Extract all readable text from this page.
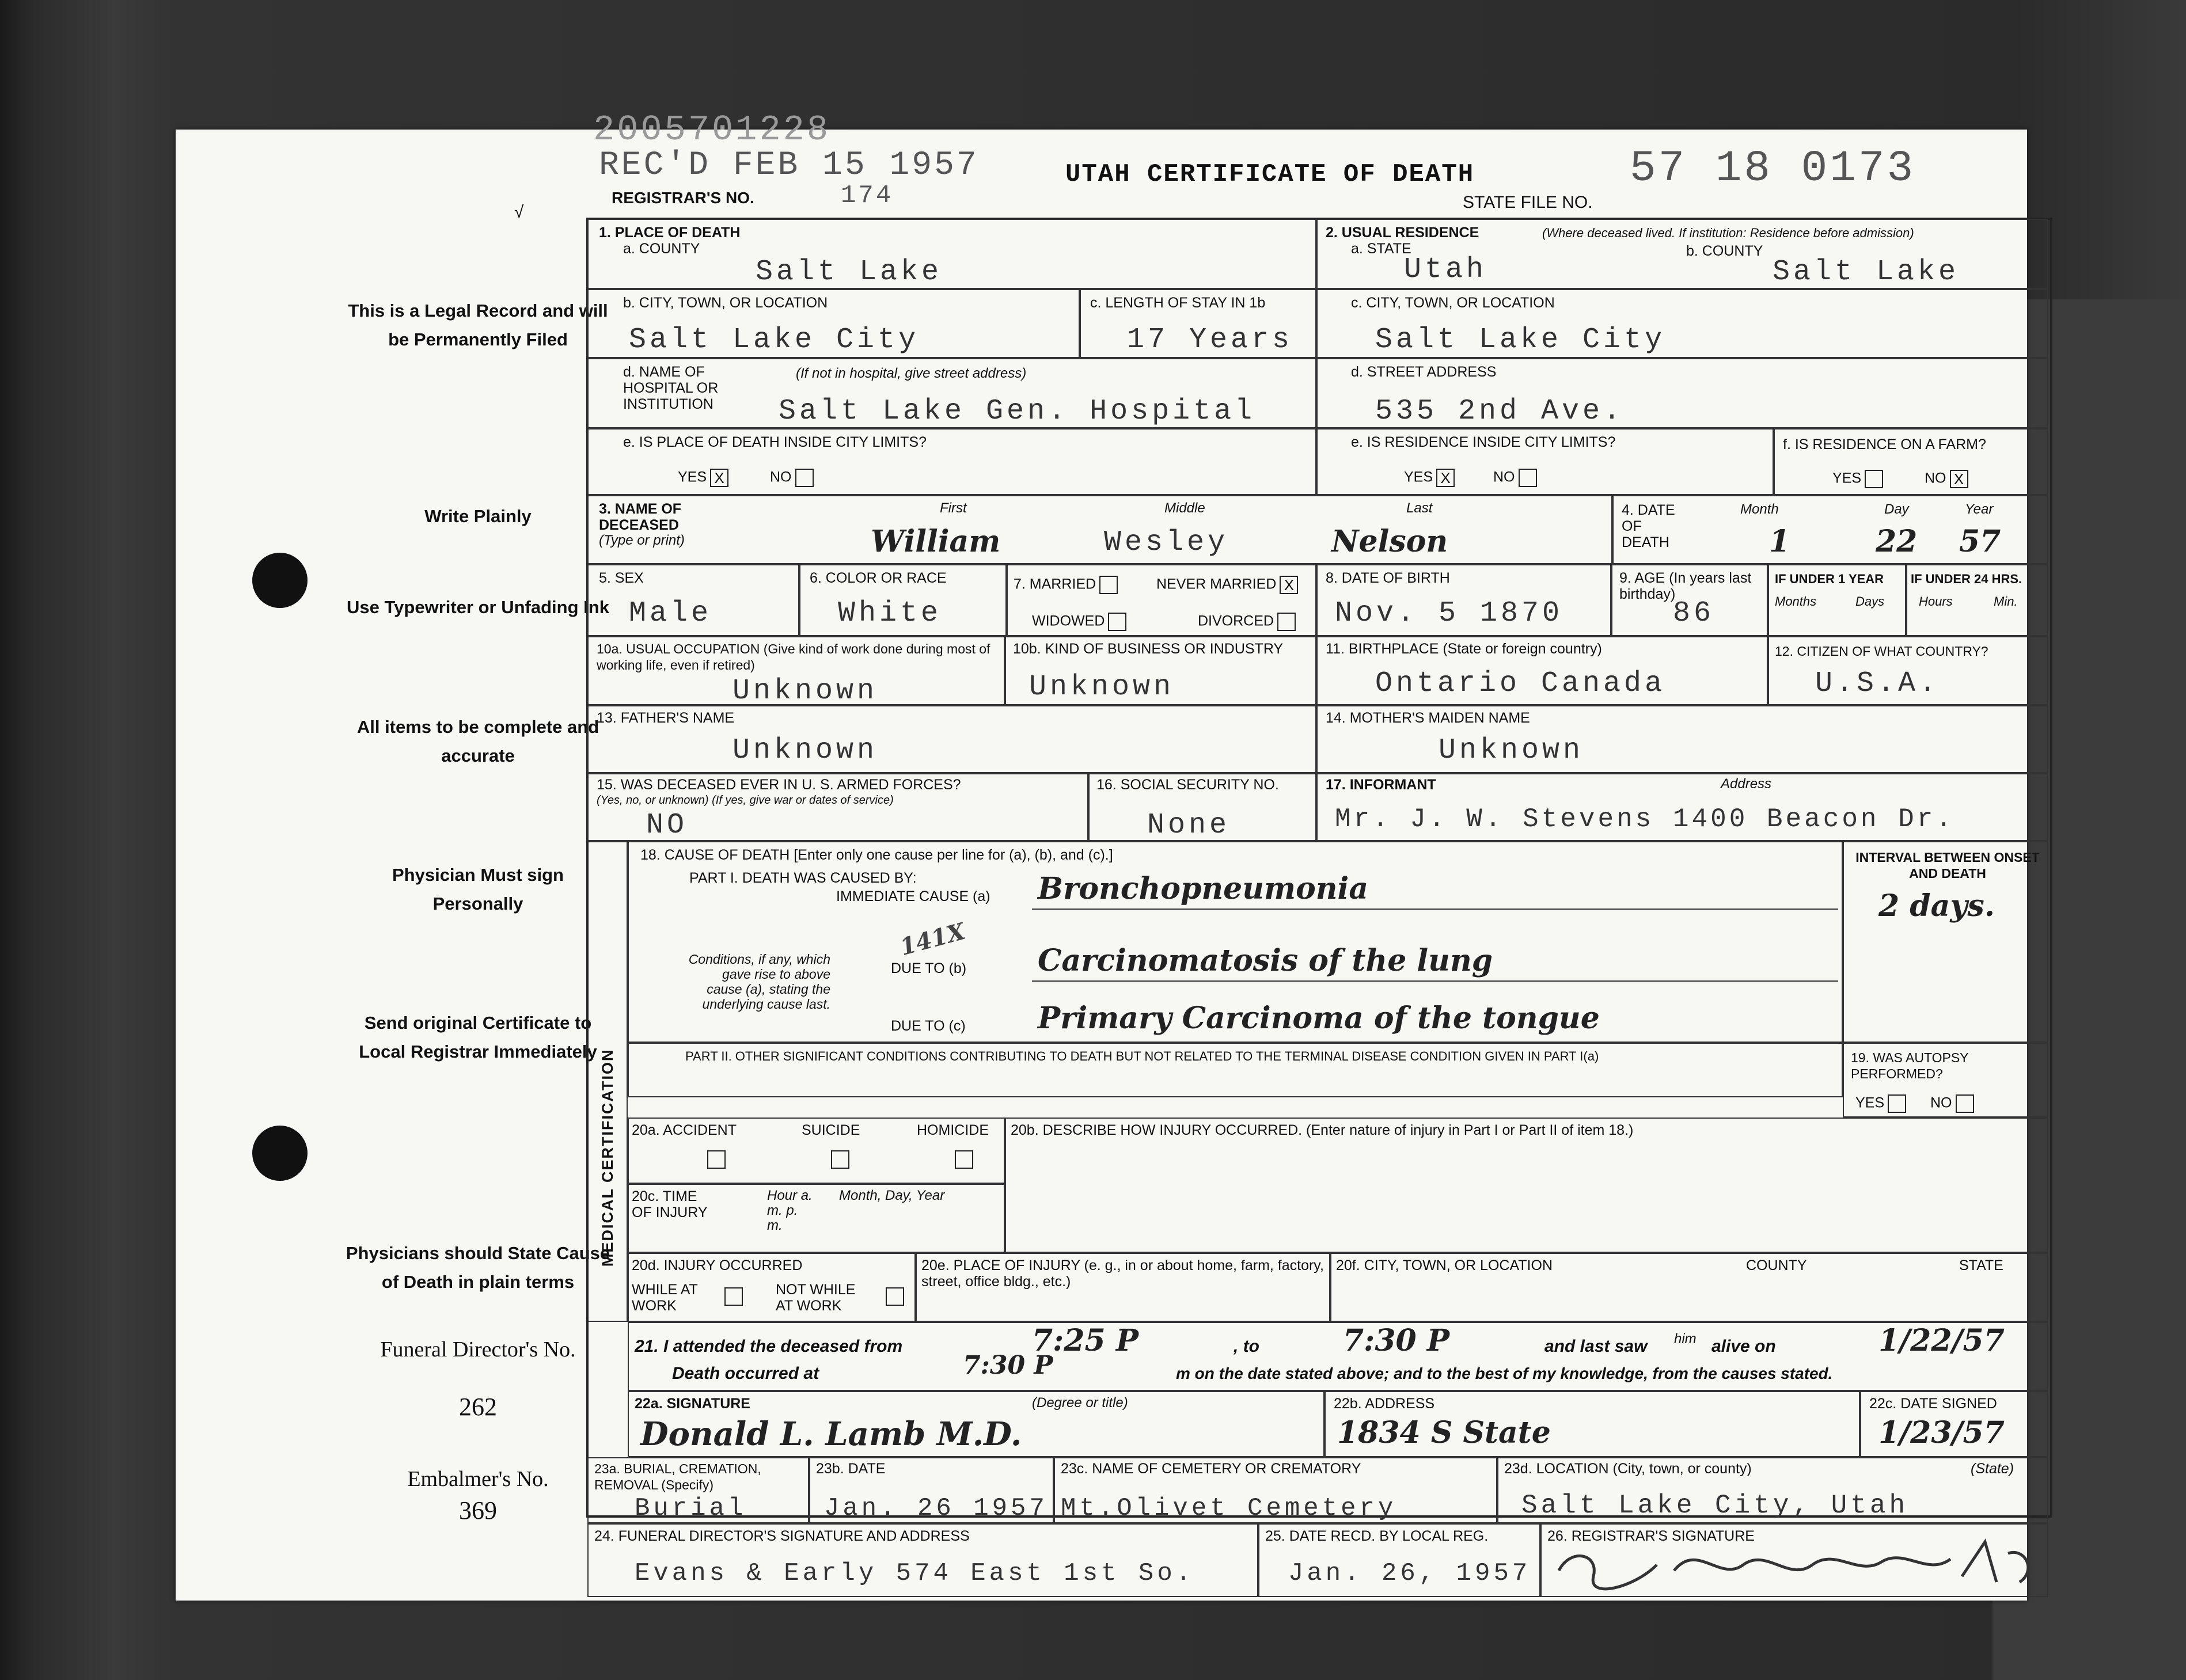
2005701228
REC'D FEB 15 1957
REGISTRAR'S NO.	174
UTAH CERTIFICATE OF DEATH	57 18 0173
STATE FILE NO.
√
This is a Legal Record and will be Permanently Filed
Write Plainly
Use Typewriter or Unfading Ink
All items to be complete and accurate
Physician Must sign Personally
Send original Certificate to Local Registrar Immediately
Physicians should State Cause of Death in plain terms
Funeral Director's No.
262
Embalmer's No.
369
1. PLACE OF DEATH
a. COUNTY
Salt Lake
2. USUAL RESIDENCE	(Where deceased lived. If institution: Residence before admission)
a. STATE
Utah
b. COUNTY
Salt Lake
b. CITY, TOWN, OR LOCATION
Salt Lake City
c. LENGTH OF STAY IN 1b
17 Years
c. CITY, TOWN, OR LOCATION
Salt Lake City
d. NAME OF HOSPITAL OR INSTITUTION
(If not in hospital, give street address)
Salt Lake Gen. Hospital
d. STREET ADDRESS
535 2nd Ave.
e. IS PLACE OF DEATH INSIDE CITY LIMITS?
YES X	NO
e. IS RESIDENCE INSIDE CITY LIMITS?
YES X	NO
f. IS RESIDENCE ON A FARM?
YES	NO X
3. NAME OF DECEASED
(Type or print)
First	Middle	Last
William	Wesley	Nelson
4. DATE OF DEATH
Month	Day	Year
1	22 57
5. SEX
Male
6. COLOR OR RACE
White
7. MARRIED	NEVER MARRIED X
WIDOWED	DIVORCED
8. DATE OF BIRTH
Nov. 5 1870
9. AGE (In years last birthday)
86
IF UNDER 1 YEAR
Months	Days
IF UNDER 24 HRS.
Hours	Min.
10a. USUAL OCCUPATION (Give kind of work done during most of working life, even if retired)
Unknown
10b. KIND OF BUSINESS OR INDUSTRY
Unknown
11. BIRTHPLACE (State or foreign country)
Ontario Canada
12. CITIZEN OF WHAT COUNTRY?
U.S.A.
13. FATHER'S NAME
Unknown
14. MOTHER'S MAIDEN NAME
Unknown
15. WAS DECEASED EVER IN U. S. ARMED FORCES?
(Yes, no, or unknown) (If yes, give war or dates of service)
NO
16. SOCIAL SECURITY NO.
None
17. INFORMANT	Address
Mr. J. W. Stevens 1400 Beacon Dr.
MEDICAL CERTIFICATION
18. CAUSE OF DEATH [Enter only one cause per line for (a), (b), and (c).]
PART I. DEATH WAS CAUSED BY:
IMMEDIATE CAUSE (a) Bronchopneumonia
Conditions, if any, which gave rise to above cause (a), stating the underlying cause last.
141X
DUE TO (b) Carcinomatosis of the lung
DUE TO (c) Primary Carcinoma of the tongue
INTERVAL BETWEEN ONSET AND DEATH
2 days.
PART II. OTHER SIGNIFICANT CONDITIONS CONTRIBUTING TO DEATH BUT NOT RELATED TO THE TERMINAL DISEASE CONDITION GIVEN IN PART I(a)	19. WAS AUTOPSY PERFORMED?
YES	NO
20a. ACCIDENT	SUICIDE	HOMICIDE 20b. DESCRIBE HOW INJURY OCCURRED. (Enter nature of injury in Part I or Part II of item 18.)
20c. TIME OF INJURY
Hour a. m. p. m.
Month, Day, Year
20d. INJURY OCCURRED
WHILE AT WORK
NOT WHILE AT WORK
20e. PLACE OF INJURY (e. g., in or about home, farm, factory, street, office bldg., etc.)
20f. CITY, TOWN, OR LOCATION	COUNTY	STATE
21. I attended the deceased from	7:25 P	, to	7:30 P	and last saw him alive on	1/22/57
Death occurred at	7:30 P	m on the date stated above; and to the best of my knowledge, from the causes stated.
22a. SIGNATURE	(Degree or title)
Donald L. Lamb M.D.
22b. ADDRESS
1834 S State
22c. DATE SIGNED
1/23/57
23a. BURIAL, CREMATION, REMOVAL (Specify)
Burial
23b. DATE
Jan. 26 1957
23c. NAME OF CEMETERY OR CREMATORY
Mt.Olivet Cemetery
23d. LOCATION (City, town, or county)	(State)
Salt Lake City, Utah
24. FUNERAL DIRECTOR'S SIGNATURE AND ADDRESS
Evans & Early 574 East 1st So.
25. DATE RECD. BY LOCAL REG.
Jan. 26, 1957
26. REGISTRAR'S SIGNATURE
